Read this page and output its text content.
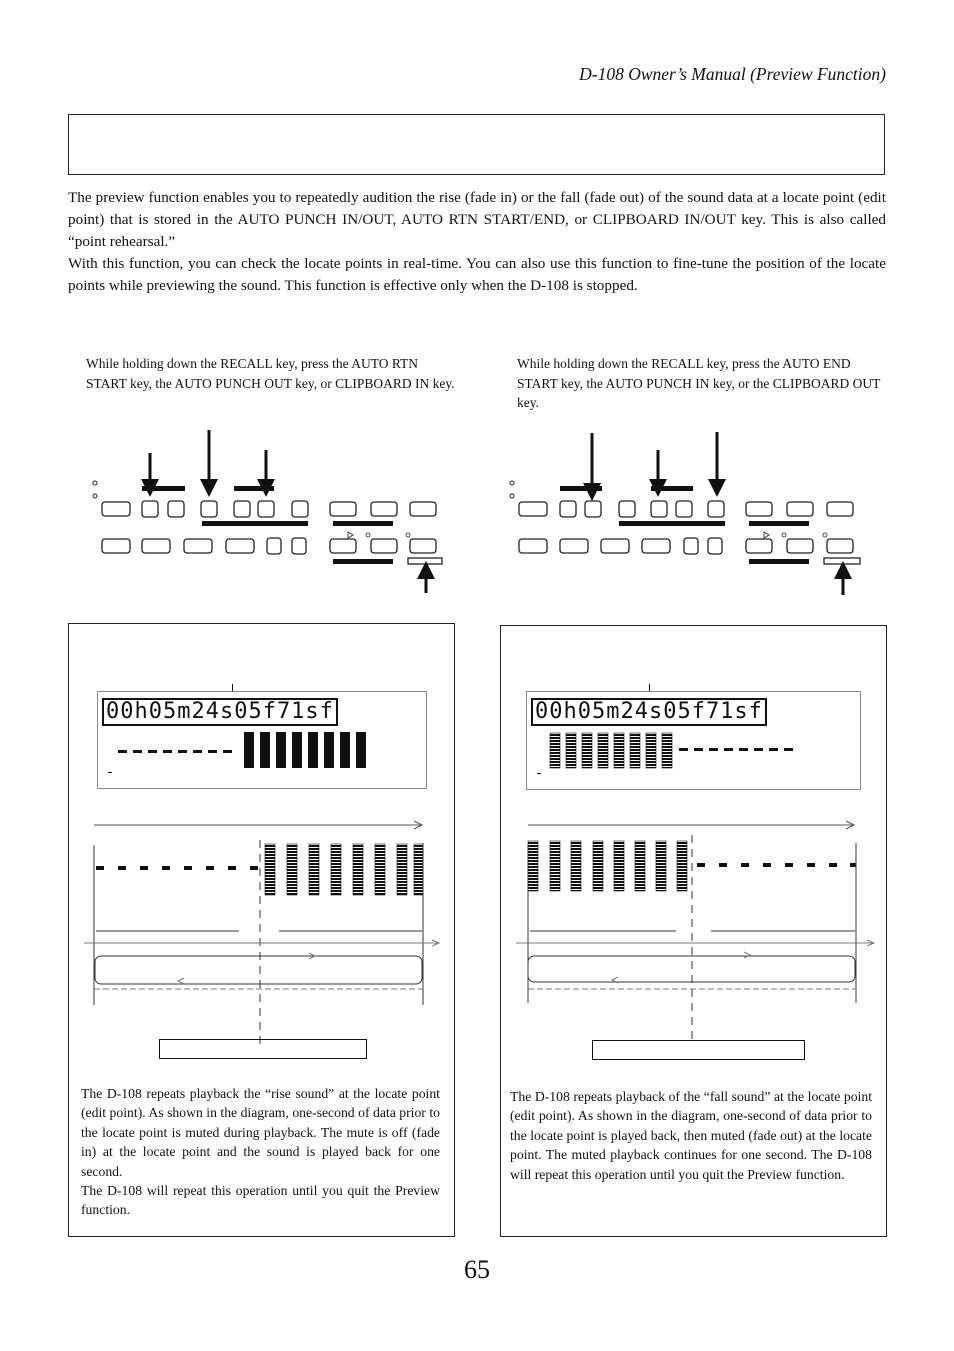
D-108 Owner’s Manual (Preview Function)

The preview function enables you to repeatedly audition the rise (fade in) or the fall (fade out) of the sound data at a locate point (edit point) that is stored in the AUTO PUNCH IN/OUT, AUTO RTN START/END, or CLIPBOARD IN/OUT key. This is also called “point rehearsal.”

With this function, you can check the locate points in real-time. You can also use this function to fine-tune the position of the locate points while previewing the sound. This function is effective only when the D-108 is stopped.

While holding down the RECALL key, press the AUTO RTN START key, the AUTO PUNCH OUT key, or CLIPBOARD IN key.
While holding down the RECALL key, press the AUTO END START key, the AUTO PUNCH IN key, or the CLIPBOARD OUT key.
00h05m24s05f71sf

The D-108 repeats playback the “rise sound” at the locate point (edit point). As shown in the diagram, one-second of data prior to the locate point is muted during playback. The mute is off (fade in) at the locate point and the sound is played back for one second.

The D-108 will repeat this operation until you quit the Preview function.

00h05m24s05f71sf
The D-108 repeats playback of the “fall sound” at the locate point (edit point). As shown in the diagram, one-second of data prior to the locate point is played back, then muted (fade out) at the locate point. The muted playback continues for one second. The D-108 will repeat this operation until you quit the Preview function.
65
